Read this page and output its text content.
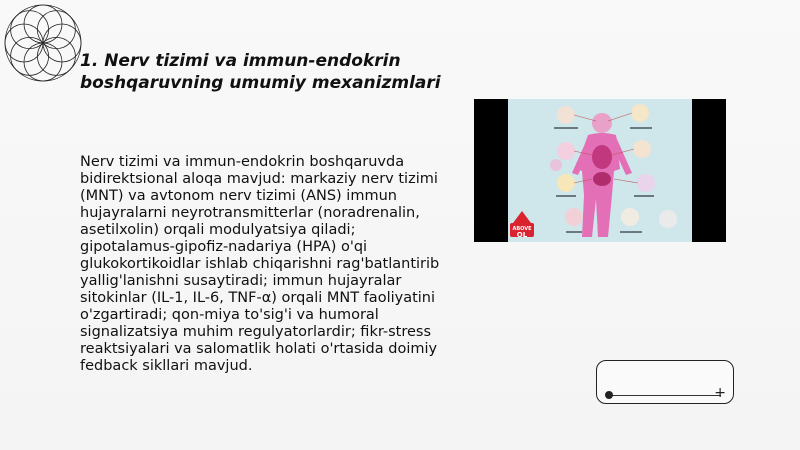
1. Nerv tizimi va immun-endokrin boshqaruvning umumiy mexanizmlari

Nerv tizimi va immun-endokrin boshqaruvda bidirektsional aloqa mavjud: markaziy nerv tizimi (MNT) va avtonom nerv tizimi (ANS) immun hujayralarni neyrotransmitterlar (noradrenalin, asetilxolin) orqali modulyatsiya qiladi; gipotalamus-gipofiz-nadariya (HPA) o'qi glukokortikoidlar ishlab chiqarishni rag'batlantirib yallig'lanishni susaytiradi; immun hujayralar sitokinlar (IL-1, IL-6, TNF-α) orqali MNT faoliyatini o'zgartiradi; qon-miya to'sig'i va humoral signalizatsiya muhim regulyatorlardir; fikr-stress reaktsiyalari va salomatlik holati o'rtasida doimiy fedback sikllari mavjud.

ABOVE
OL
+
